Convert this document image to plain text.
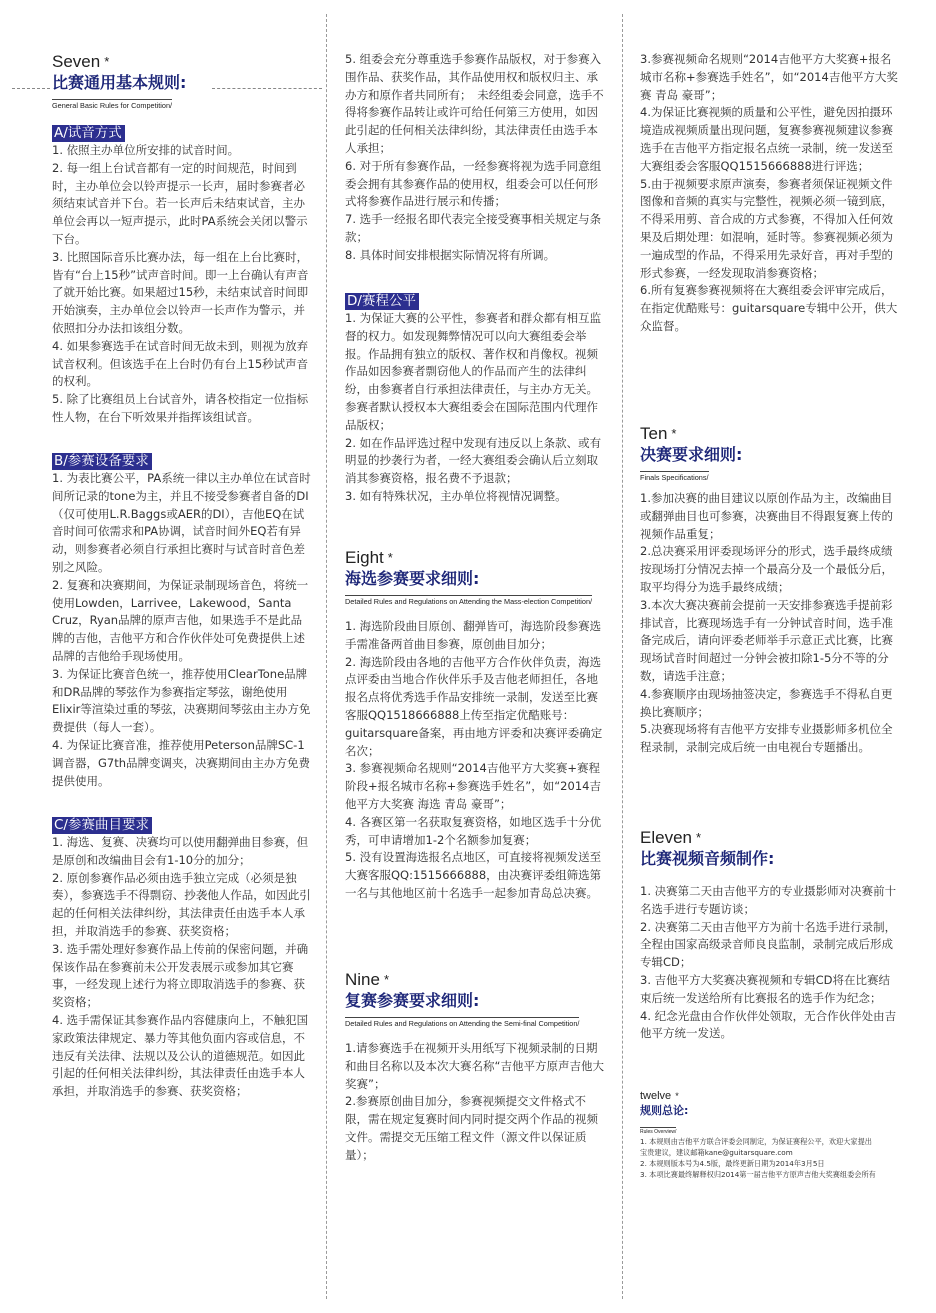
Seven *
比赛通用基本规则:
General Basic Rules for Competition/
A/试音方式

1. 依照主办单位所安排的试音时间。

2. 每一组上台试音都有一定的时间规范，时间到时，主办单位会以铃声提示一长声，届时参赛者必须结束试音并下台。若一长声后未结束试音，主办单位会再以一短声提示，此时PA系统会关闭以警示下台。

3. 比照国际音乐比赛办法，每一组在上台比赛时，皆有“台上15秒”试声音时间。即一上台确认有声音了就开始比赛。如果超过15秒，未结束试音时间即开始演奏，主办单位会以铃声一长声作为警示，并依照扣分办法扣该组分数。

4. 如果参赛选手在试音时间无故未到，则视为放弃试音权利。但该选手在上台时仍有台上15秒试声音的权利。

5. 除了比赛组员上台试音外，请各校指定一位指标性人物，在台下听效果并指挥该组试音。

B/参赛设备要求

1. 为表比赛公平，PA系统一律以主办单位在试音时间所记录的tone为主，并且不接受参赛者自备的DI（仅可使用L.R.Baggs或AER的DI），吉他EQ在试音时间可依需求和PA协调，试音时间外EQ若有异动，则参赛者必须自行承担比赛时与试音时音色差别之风险。

2. 复赛和决赛期间，为保证录制现场音色，将统一使用Lowden，Larrivee，Lakewood，Santa Cruz，Ryan品牌的原声吉他，如果选手不是此品牌的吉他，吉他平方和合作伙伴处可免费提供上述品牌的吉他给手现场使用。

3. 为保证比赛音色统一，推荐使用ClearTone品牌和DR品牌的琴弦作为参赛指定琴弦，谢绝使用Elixir等渲染过重的琴弦，决赛期间琴弦由主办方免费提供（每人一套）。

4. 为保证比赛音准，推荐使用Peterson品牌SC-1调音器，G7th品牌变调夹，决赛期间由主办方免费提供使用。

C/参赛曲目要求

1. 海选、复赛、决赛均可以使用翻弹曲目参赛，但是原创和改编曲目会有1-10分的加分；

2. 原创参赛作品必须由选手独立完成（必须是独奏），参赛选手不得剽窃、抄袭他人作品，如因此引起的任何相关法律纠纷，其法律责任由选手本人承担，并取消选手的参赛、获奖资格；

3. 选手需处理好参赛作品上传前的保密问题，并确保该作品在参赛前未公开发表展示或参加其它赛事，一经发现上述行为将立即取消选手的参赛、获奖资格；

4. 选手需保证其参赛作品内容健康向上，不触犯国家政策法律规定、暴力等其他负面内容或信息，不违反有关法律、法规以及公认的道德规范。如因此引起的任何相关法律纠纷，其法律责任由选手本人承担，并取消选手的参赛、获奖资格；

5. 组委会充分尊重选手参赛作品版权，对于参赛入围作品、获奖作品，其作品使用权和版权归主、承办方和原作者共同所有；　未经组委会同意，选手不得将参赛作品转让或许可给任何第三方使用，如因此引起的任何相关法律纠纷，其法律责任由选手本人承担；

6. 对于所有参赛作品，一经参赛将视为选手同意组委会拥有其参赛作品的使用权，组委会可以任何形式将参赛作品进行展示和传播；

7. 选手一经报名即代表完全接受赛事相关规定与条款；

8. 具体时间安排根据实际情况将有所调。

D/赛程公平

1. 为保证大赛的公平性，参赛者和群众都有相互监督的权力。如发现舞弊情况可以向大赛组委会举报。作品拥有独立的版权、著作权和肖像权。视频作品如因参赛者剽窃他人的作品而产生的法律纠纷，由参赛者自行承担法律责任，与主办方无关。参赛者默认授权本大赛组委会在国际范围内代理作品版权；

2. 如在作品评选过程中发现有违反以上条款、或有明显的抄袭行为者，一经大赛组委会确认后立刻取消其参赛资格，报名费不予退款；

3. 如有特殊状况，主办单位将视情况调整。

Eight *
海选参赛要求细则:
Detailed Rules and Regulations on Attending the Mass-election Competition/

1. 海选阶段曲目原创、翻弹皆可，海选阶段参赛选手需准备两首曲目参赛，原创曲目加分；

2. 海选阶段由各地的吉他平方合作伙伴负责，海选点评委由当地合作伙伴乐手及吉他老师担任，各地报名点将优秀选手作品安排统一录制，发送至比赛客服QQ1518666888上传至指定优酷账号：guitarsquare备案，再由地方评委和决赛评委确定名次；

3. 参赛视频命名规则“2014吉他平方大奖赛+赛程阶段+报名城市名称+参赛选手姓名”，如“2014吉他平方大奖赛 海选 青岛 豪哥”；

4. 各赛区第一名获取复赛资格，如地区选手十分优秀，可申请增加1-2个名额参加复赛；

5. 没有设置海选报名点地区，可直接将视频发送至大赛客服QQ:1515666888，由决赛评委组筛选第一名与其他地区前十名选手一起参加青岛总决赛。

Nine *
复赛参赛要求细则:
Detailed Rules and Regulations on Attending the Semi-final Competition/

1.请参赛选手在视频开头用纸写下视频录制的日期和曲目名称以及本次大赛名称“吉他平方原声吉他大奖赛”；

2.参赛原创曲目加分，参赛视频提交文件格式不限，需在规定复赛时间内同时提交两个作品的视频文件。需提交无压缩工程文件（源文件以保证质量）；

3.参赛视频命名规则“2014吉他平方大奖赛+报名城市名称+参赛选手姓名”，如“2014吉他平方大奖赛 青岛 豪哥”；

4.为保证比赛视频的质量和公平性，避免因拍摄环境造成视频质量出现问题，复赛参赛视频建议参赛选手在吉他平方指定报名点统一录制，统一发送至大赛组委会客服QQ1515666888进行评选；

5.由于视频要求原声演奏，参赛者须保证视频文件图像和音频的真实与完整性，视频必须一镜到底，不得采用剪、音合成的方式参赛，不得加入任何效果及后期处理：如混响，延时等。参赛视频必须为一遍成型的作品，不得采用先录好音，再对手型的形式参赛，一经发现取消参赛资格；

6.所有复赛参赛视频将在大赛组委会评审完成后，在指定优酷账号：guitarsquare专辑中公开，供大众监督。

Ten *
决赛要求细则:
Finals Specifications/

1.参加决赛的曲目建议以原创作品为主，改编曲目或翻弹曲目也可参赛，决赛曲目不得跟复赛上传的视频作品重复；

2.总决赛采用评委现场评分的形式，选手最终成绩按现场打分情况去掉一个最高分及一个最低分后，取平均得分为选手最终成绩；

3.本次大赛决赛前会提前一天安排参赛选手提前彩排试音，比赛现场选手有一分钟试音时间，选手准备完成后，请向评委老师举手示意正式比赛，比赛现场试音时间超过一分钟会被扣除1-5分不等的分数，请选手注意；

4.参赛顺序由现场抽签决定，参赛选手不得私自更换比赛顺序；

5.决赛现场将有吉他平方安排专业摄影师多机位全程录制，录制完成后统一由电视台专题播出。

Eleven *
比赛视频音频制作:

1. 决赛第二天由吉他平方的专业摄影师对决赛前十名选手进行专题访谈；

2. 决赛第二天由吉他平方为前十名选手进行录制，全程由国家高级录音师良良监制，录制完成后形成专辑CD；

3. 吉他平方大奖赛决赛视频和专辑CD将在比赛结束后统一发送给所有比赛报名的选手作为纪念；

4. 纪念光盘由合作伙伴处领取，无合作伙伴处由吉他平方统一发送。

twelve *
规则总论:
Rules Overview/

1. 本规则由吉他平方联合评委会同制定，为保证赛程公平，欢迎大家提出宝贵建议，建议邮箱kane@guitarsquare.com

2. 本规则版本号为4.5版，最终更新日期为2014年3月5日

3. 本项比赛最终解释权归2014第一届吉他平方原声吉他大奖赛组委会所有
